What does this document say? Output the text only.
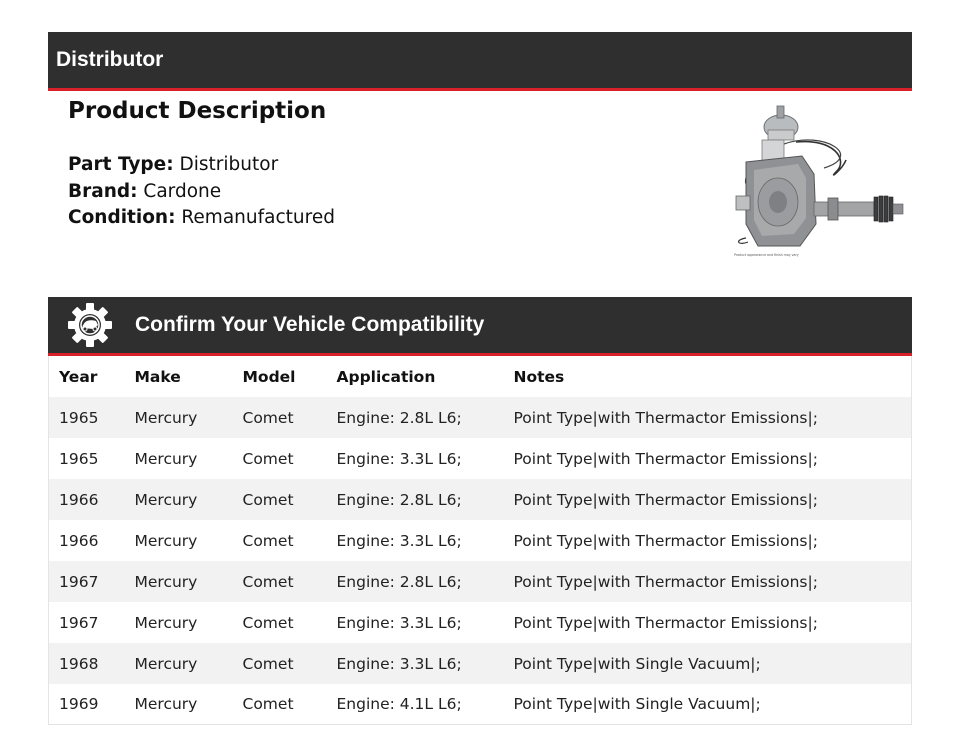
Distributor
Product Description
Part Type: Distributor
Brand: Cardone
Condition: Remanufactured
Product appearance and finish may vary
Confirm Your Vehicle Compatibility
Year	Make	Model	Application	Notes
1965	Mercury	Comet	Engine: 2.8L L6;	Point Type|with Thermactor Emissions|;
1965	Mercury	Comet	Engine: 3.3L L6;	Point Type|with Thermactor Emissions|;
1966	Mercury	Comet	Engine: 2.8L L6;	Point Type|with Thermactor Emissions|;
1966	Mercury	Comet	Engine: 3.3L L6;	Point Type|with Thermactor Emissions|;
1967	Mercury	Comet	Engine: 2.8L L6;	Point Type|with Thermactor Emissions|;
1967	Mercury	Comet	Engine: 3.3L L6;	Point Type|with Thermactor Emissions|;
1968	Mercury	Comet	Engine: 3.3L L6;	Point Type|with Single Vacuum|;
1969	Mercury	Comet	Engine: 4.1L L6;	Point Type|with Single Vacuum|;
